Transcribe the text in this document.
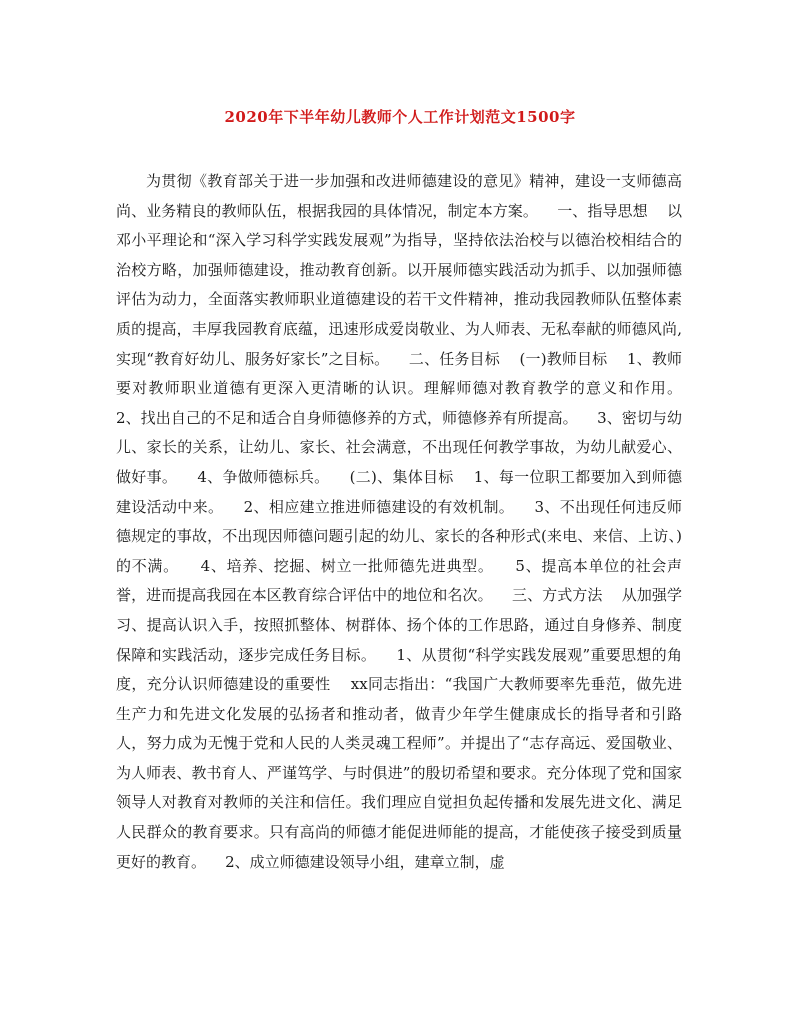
2020年下半年幼儿教师个人工作计划范文1500字

为贯彻《教育部关于进一步加强和改进师德建设的意见》精神，建设一支师德高尚、业务精良的教师队伍，根据我园的具体情况，制定本方案。    一、指导思想    以邓小平理论和“深入学习科学实践发展观”为指导，坚持依法治校与以德治校相结合的治校方略，加强师德建设，推动教育创新。以开展师德实践活动为抓手、以加强师德评估为动力，全面落实教师职业道德建设的若干文件精神，推动我园教师队伍整体素质的提高，丰厚我园教育底蕴，迅速形成爱岗敬业、为人师表、无私奉献的师德风尚,实现“教育好幼儿、服务好家长”之目标。    二、任务目标    (一)教师目标    1、教师要对教师职业道德有更深入更清晰的认识。理解师德对教育教学的意义和作用。    2、找出自己的不足和适合自身师德修养的方式，师德修养有所提高。    3、密切与幼儿、家长的关系，让幼儿、家长、社会满意，不出现任何教学事故，为幼儿献爱心、做好事。    4、争做师德标兵。    (二)、集体目标    1、每一位职工都要加入到师德建设活动中来。    2、相应建立推进师德建设的有效机制。    3、不出现任何违反师德规定的事故，不出现因师德问题引起的幼儿、家长的各种形式(来电、来信、上访、)的不满。    4、培养、挖掘、树立一批师德先进典型。    5、提高本单位的社会声誉，进而提高我园在本区教育综合评估中的地位和名次。    三、方式方法    从加强学习、提高认识入手，按照抓整体、树群体、扬个体的工作思路，通过自身修养、制度保障和实践活动，逐步完成任务目标。    1、从贯彻“科学实践发展观”重要思想的角度，充分认识师德建设的重要性    xx同志指出：“我国广大教师要率先垂范，做先进生产力和先进文化发展的弘扬者和推动者，做青少年学生健康成长的指导者和引路人，努力成为无愧于党和人民的人类灵魂工程师”。并提出了“志存高远、爱国敬业、为人师表、教书育人、严谨笃学、与时俱进”的殷切希望和要求。充分体现了党和国家领导人对教育对教师的关注和信任。我们理应自觉担负起传播和发展先进文化、满足人民群众的教育要求。只有高尚的师德才能促进师能的提高，才能使孩子接受到质量更好的教育。    2、成立师德建设领导小组，建章立制，虚
